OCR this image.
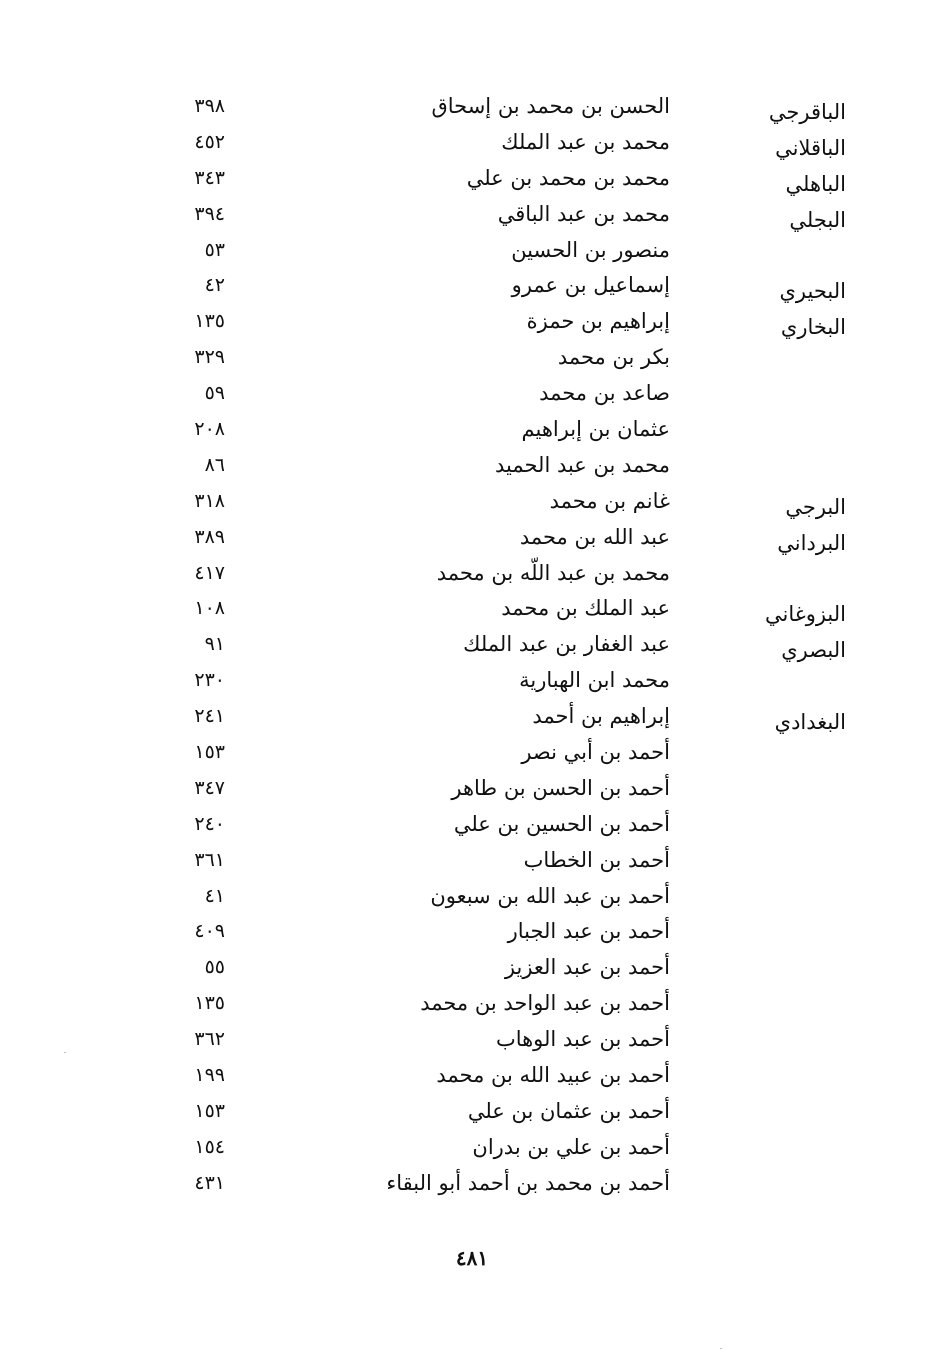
الباقرجي
الحسن بن محمد بن إسحاق
٣٩٨
الباقلاني
محمد بن عبد الملك
٤٥٢
الباهلي
محمد بن محمد بن علي
٣٤٣
البجلي
محمد بن عبد الباقي
٣٩٤
منصور بن الحسين
٥٣
البحيري
إسماعيل بن عمرو
٤٢
البخاري
إبراهيم بن حمزة
١٣٥
بكر بن محمد
٣٢٩
صاعد بن محمد
٥٩
عثمان بن إبراهيم
٢٠٨
محمد بن عبد الحميد
٨٦
البرجي
غانم بن محمد
٣١٨
البرداني
عبد الله بن محمد
٣٨٩
محمد بن عبد اللّه بن محمد
٤١٧
البزوغاني
عبد الملك بن محمد
١٠٨
البصري
عبد الغفار بن عبد الملك
٩١
محمد ابن الهبارية
٢٣٠
البغدادي
إبراهيم بن أحمد
٢٤١
أحمد بن أبي نصر
١٥٣
أحمد بن الحسن بن طاهر
٣٤٧
أحمد بن الحسين بن علي
٢٤٠
أحمد بن الخطاب
٣٦١
أحمد بن عبد الله بن سبعون
٤١
أحمد بن عبد الجبار
٤٠٩
أحمد بن عبد العزيز
٥٥
أحمد بن عبد الواحد بن محمد
١٣٥
أحمد بن عبد الوهاب
٣٦٢
أحمد بن عبيد الله بن محمد
١٩٩
أحمد بن عثمان بن علي
١٥٣
أحمد بن علي بن بدران
١٥٤
أحمد بن محمد بن أحمد أبو البقاء
٤٣١
٤٨١
